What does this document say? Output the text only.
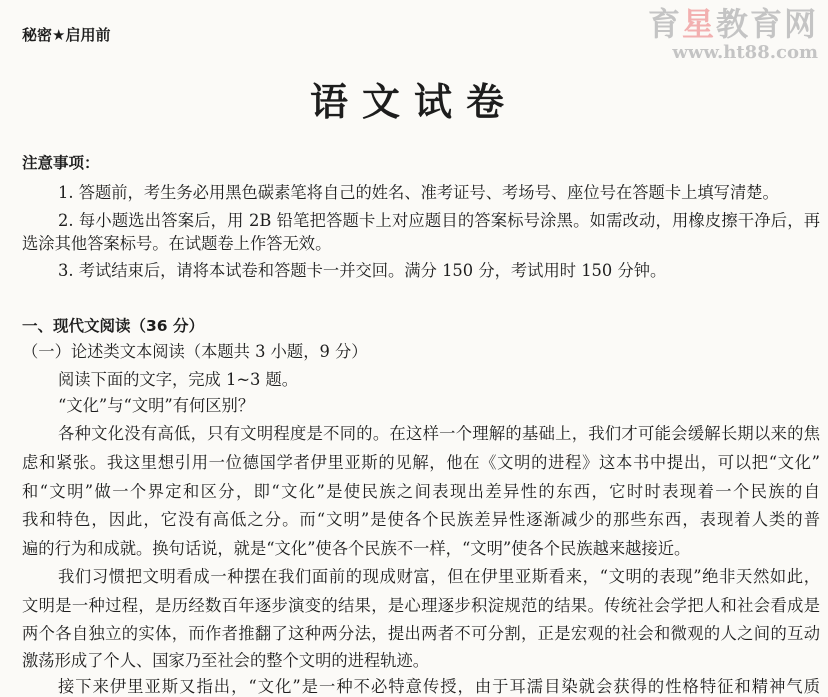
秘密★启用前
语文试卷
注意事项：
1. 答题前，考生务必用黑色碳素笔将自己的姓名、准考证号、考场号、座位号在答题卡上填写清楚。
2. 每小题选出答案后，用 2B 铅笔把答题卡上对应题目的答案标号涂黑。如需改动，用橡皮擦干净后，再
选涂其他答案标号。在试题卷上作答无效。
3. 考试结束后，请将本试卷和答题卡一并交回。满分 150 分，考试用时 150 分钟。
一、现代文阅读（36 分）
（一）论述类文本阅读（本题共 3 小题，9 分）
阅读下面的文字，完成 1~3 题。
“文化”与“文明”有何区别？
各种文化没有高低，只有文明程度是不同的。在这样一个理解的基础上，我们才可能会缓解长期以来的焦
虑和紧张。我这里想引用一位德国学者伊里亚斯的见解，他在《文明的进程》这本书中提出，可以把“文化”
和“文明”做一个界定和区分，即“文化”是使民族之间表现出差异性的东西，它时时表现着一个民族的自
我和特色，因此，它没有高低之分。而“文明”是使各个民族差异性逐渐减少的那些东西，表现着人类的普
遍的行为和成就。换句话说，就是“文化”使各个民族不一样，“文明”使各个民族越来越接近。
我们习惯把文明看成一种摆在我们面前的现成财富，但在伊里亚斯看来，“文明的表现”绝非天然如此，
文明是一种过程，是历经数百年逐步演变的结果，是心理逐步积淀规范的结果。传统社会学把人和社会看成是
两个各自独立的实体，而作者推翻了这种两分法，提出两者不可分割，正是宏观的社会和微观的人之间的互动
激荡形成了个人、国家乃至社会的整个文明的进程轨迹。
接下来伊里亚斯又指出，“文化”是一种不必特意传授，由于耳濡目染就会获得的性格特征和精神气质
育星教育网
www.ht88.com
